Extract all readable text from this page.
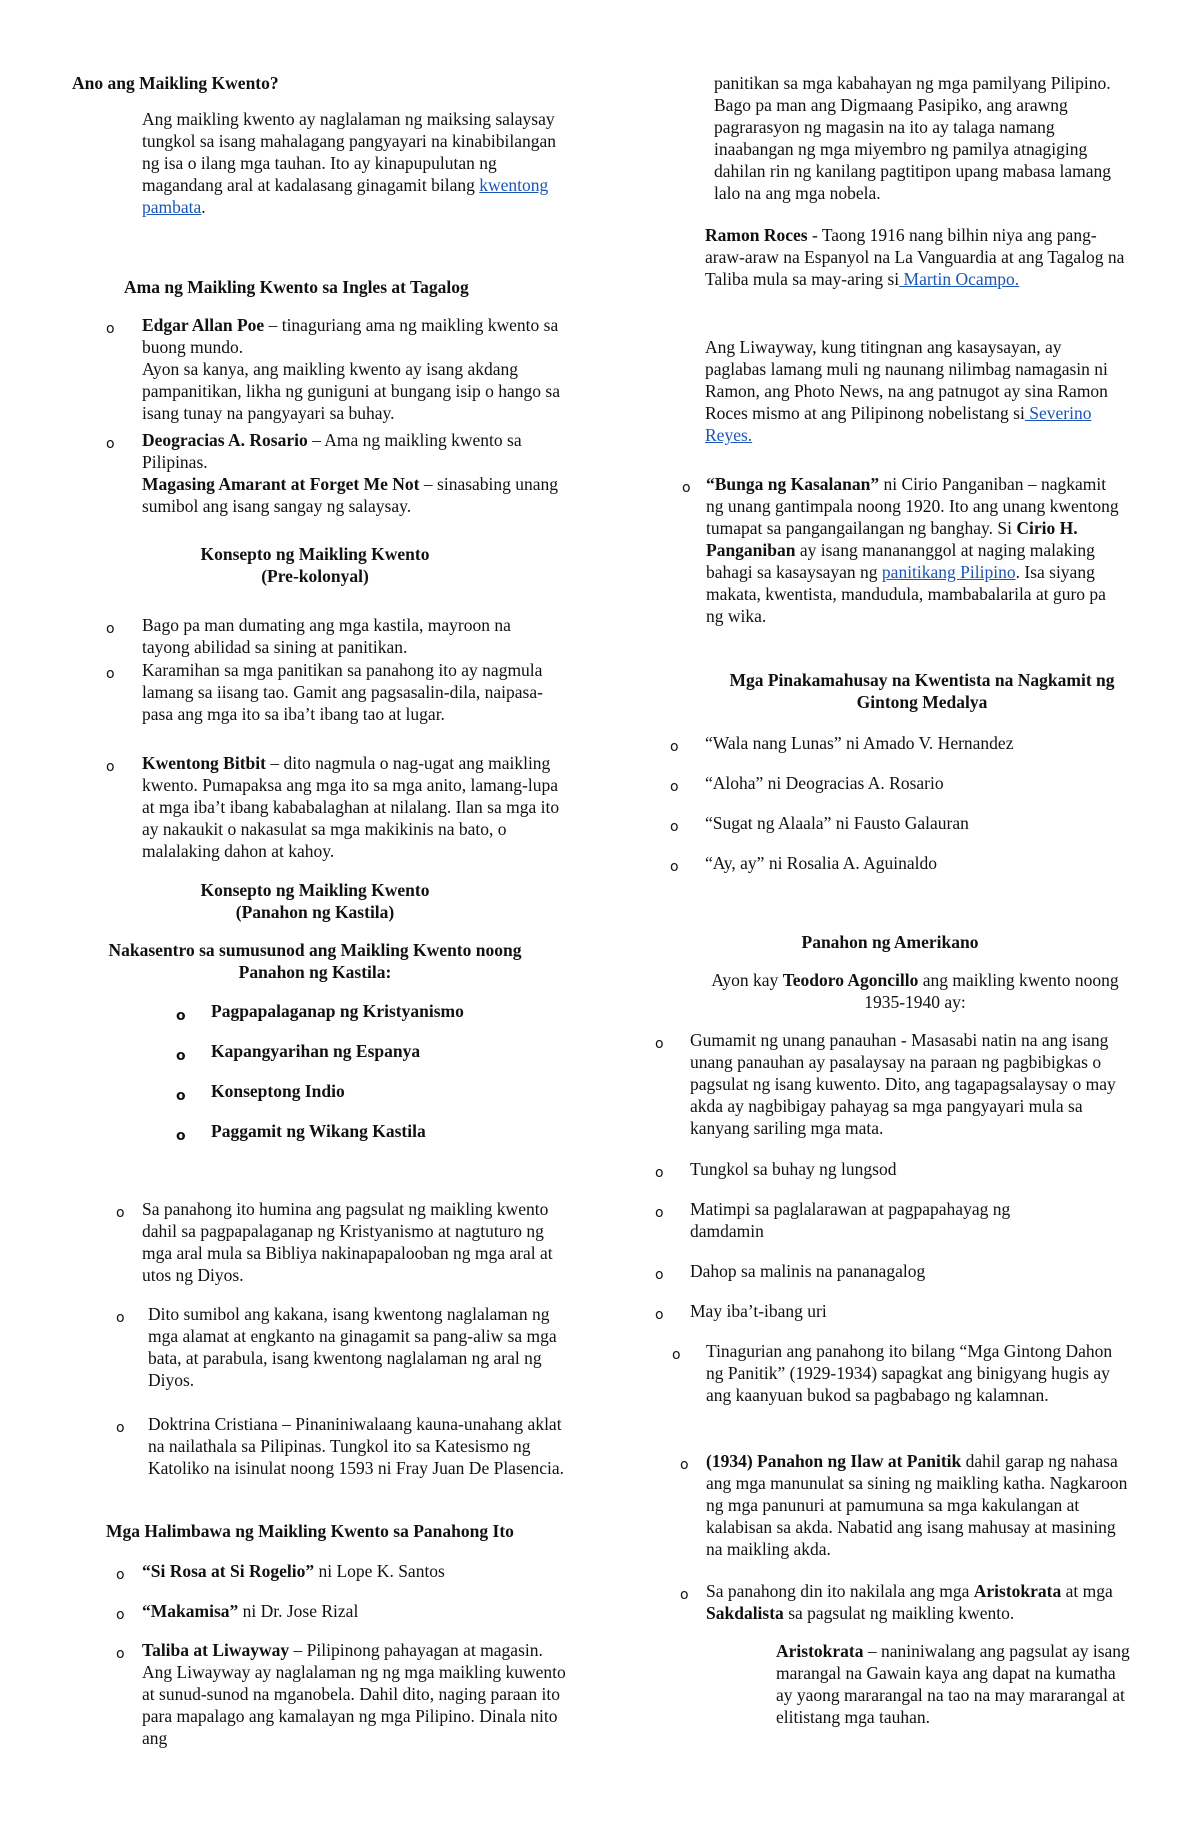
Ano ang Maikling Kwento?

Ang maikling kwento ay naglalaman ng maiksing salaysay tungkol sa isang mahalagang pangyayari na kinabibilangan ng isa o ilang mga tauhan. Ito ay kinapupulutan ng magandang aral at kadalasang ginagamit bilang kwentong pambata.

Ama ng Maikling Kwento sa Ingles at Tagalog
o Edgar Allan Poe – tinaguriang ama ng maikling kwento sa buong mundo.
Ayon sa kanya, ang maikling kwento ay isang akdang pampanitikan, likha ng guniguni at bungang isip o hango sa isang tunay na pangyayari sa buhay.

o Deogracias A. Rosario – Ama ng maikling kwento sa Pilipinas.
Magasing Amarant at Forget Me Not – sinasabing unang sumibol ang isang sangay ng salaysay.

Konsepto ng Maikling Kwento
(Pre-kolonyal)
o Bago pa man dumating ang mga kastila, mayroon na tayong abilidad sa sining at panitikan.

o Karamihan sa mga panitikan sa panahong ito ay nagmula lamang sa iisang tao. Gamit ang pagsasalin-dila, naipasa-pasa ang mga ito sa iba’t ibang tao at lugar.

o Kwentong Bitbit – dito nagmula o nag-ugat ang maikling kwento. Pumapaksa ang mga ito sa mga anito, lamang-lupa at mga iba’t ibang kababalaghan at nilalang. Ilan sa mga ito ay nakaukit o nakasulat sa mga makikinis na bato, o malalaking dahon at kahoy.

Konsepto ng Maikling Kwento
(Panahon ng Kastila)
Nakasentro sa sumusunod ang Maikling Kwento noong Panahon ng Kastila:
o Pagpapalaganap ng Kristyanismo
o Kapangyarihan ng Espanya
o Konseptong Indio
o Paggamit ng Wikang Kastila
o Sa panahong ito humina ang pagsulat ng maikling kwento dahil sa pagpapalaganap ng Kristyanismo at nagtuturo ng mga aral mula sa Bibliya nakinapapalooban ng mga aral at utos ng Diyos.

o Dito sumibol ang kakana, isang kwentong naglalaman ng mga alamat at engkanto na ginagamit sa pang-aliw sa mga bata, at parabula, isang kwentong naglalaman ng aral ng Diyos.

o Doktrina Cristiana – Pinaniniwalaang kauna-unahang aklat na nailathala sa Pilipinas. Tungkol ito sa Katesismo ng Katoliko na isinulat noong 1593 ni Fray Juan De Plasencia.

Mga Halimbawa ng Maikling Kwento sa Panahong Ito
o “Si Rosa at Si Rogelio” ni Lope K. Santos

o “Makamisa” ni Dr. Jose Rizal

o Taliba at Liwayway – Pilipinong pahayagan at magasin. Ang Liwayway ay naglalaman ng ng mga maikling kuwento at sunud-sunod na mganobela. Dahil dito, naging paraan ito para mapalago ang kamalayan ng mga Pilipino. Dinala nito ang

panitikan sa mga kabahayan ng mga pamilyang Pilipino. Bago pa man ang Digmaang Pasipiko, ang arawng pagrarasyon ng magasin na ito ay talaga namang inaabangan ng mga miyembro ng pamilya atnagiging dahilan rin ng kanilang pagtitipon upang mabasa lamang lalo na ang mga nobela.

Ramon Roces - Taong 1916 nang bilhin niya ang pang-araw-araw na Espanyol na La Vanguardia at ang Tagalog na Taliba mula sa may-aring si Martin Ocampo.

Ang Liwayway, kung titingnan ang kasaysayan, ay paglabas lamang muli ng naunang nilimbag namagasin ni Ramon, ang Photo News, na ang patnugot ay sina Ramon Roces mismo at ang Pilipinong nobelistang si Severino Reyes.

o “Bunga ng Kasalanan” ni Cirio Panganiban – nagkamit ng unang gantimpala noong 1920. Ito ang unang kwentong tumapat sa pangangailangan ng banghay. Si Cirio H. Panganiban ay isang manananggol at naging malaking bahagi sa kasaysayan ng panitikang Pilipino. Isa siyang makata, kwentista, mandudula, mambabalarila at guro pa ng wika.

Mga Pinakamahusay na Kwentista na Nagkamit ng Gintong Medalya
o “Wala nang Lunas” ni Amado V. Hernandez
o “Aloha” ni Deogracias A. Rosario
o “Sugat ng Alaala” ni Fausto Galauran
o “Ay, ay” ni Rosalia A. Aguinaldo
Panahon ng Amerikano

Ayon kay Teodoro Agoncillo ang maikling kwento noong 1935-1940 ay:

o Gumamit ng unang panauhan - Masasabi natin na ang isang unang panauhan ay pasalaysay na paraan ng pagbibigkas o pagsulat ng isang kuwento. Dito, ang tagapagsalaysay o may akda ay nagbibigay pahayag sa mga pangyayari mula sa kanyang sariling mga mata.

o Tungkol sa buhay ng lungsod

o Matimpi sa paglalarawan at pagpapahayag ng damdamin

o Dahop sa malinis na pananagalog

o May iba’t-ibang uri

o Tinagurian ang panahong ito bilang “Mga Gintong Dahon ng Panitik” (1929-1934) sapagkat ang binigyang hugis ay ang kaanyuan bukod sa pagbabago ng kalamnan.

o (1934) Panahon ng Ilaw at Panitik dahil garap ng nahasa ang mga manunulat sa sining ng maikling katha. Nagkaroon ng mga panunuri at pamumuna sa mga kakulangan at kalabisan sa akda. Nabatid ang isang mahusay at masining na maikling akda.

o Sa panahong din ito nakilala ang mga Aristokrata at mga Sakdalista sa pagsulat ng maikling kwento.

Aristokrata – naniniwalang ang pagsulat ay isang marangal na Gawain kaya ang dapat na kumatha ay yaong mararangal na tao na may mararangal at elitistang mga tauhan.
